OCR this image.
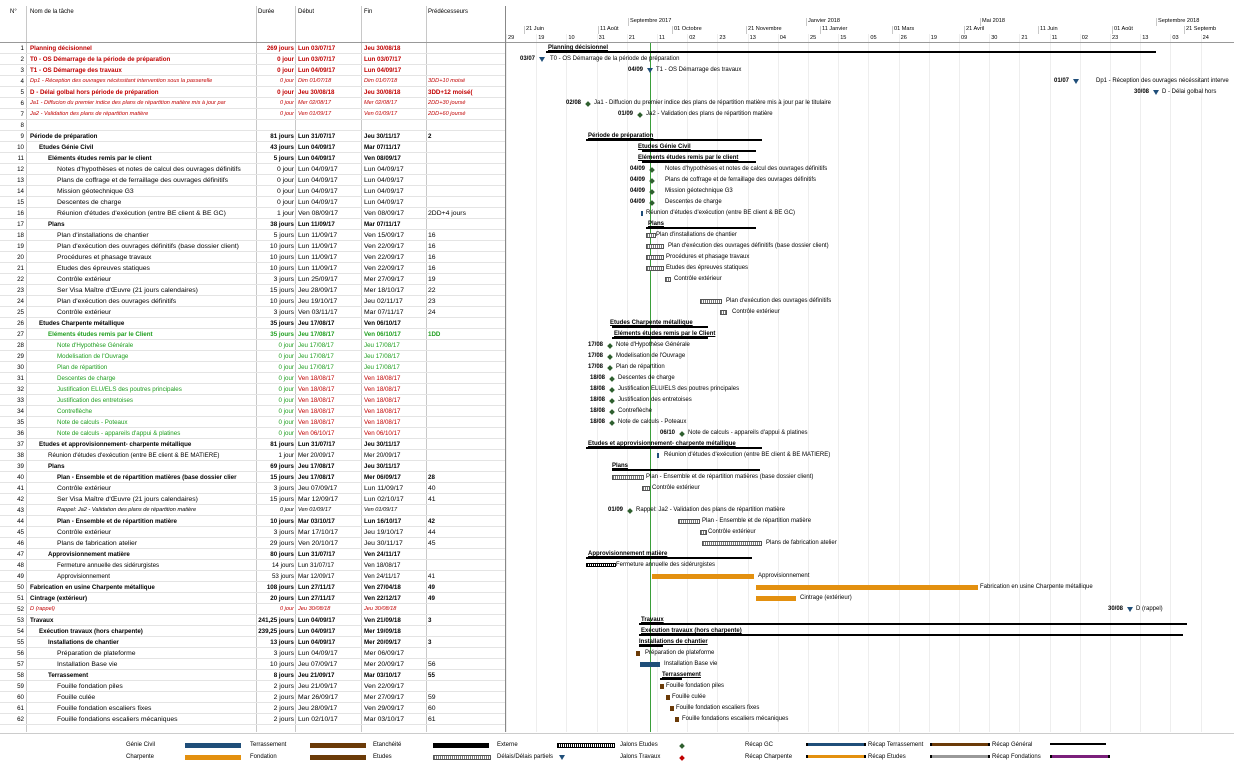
N° Nom de la tâche	Durée	Début	Fin	Prédécesseurs
1 Planning décisionnel	269 jours Lun 03/07/17	Jeu 30/08/18
2 T0 - OS Démarrage de la période de préparation	0 jour Lun 03/07/17	Lun 03/07/17
3 T1 - OS Démarrage des travaux	0 jour Lun 04/09/17	Lun 04/09/17
4 Dp1 - Réception des ouvrages nécéssitant intervention sous la passerelle	0 jour Dim 01/07/18	Dim 01/07/18	3DD+10 moisé
5 D - Délai golbal hors période de préparation	0 jour Jeu 30/08/18	Jeu 30/08/18	3DD+12 moisé(
6 Ja1 - Diffucion du premier indice des plans de répartition matière mis à jour par	0 jour Mer 02/08/17	Mer 02/08/17	2DD+30 joursé
7 Ja2 - Validation des plans de répartition matière	0 jour Ven 01/09/17	Ven 01/09/17	2DD+60 joursé
8
9 Période de préparation	81 jours Lun 31/07/17	Jeu 30/11/17	2
10 Etudes Génie Civil	43 jours Lun 04/09/17	Mar 07/11/17
11	Eléments études remis par le client	5 jours Lun 04/09/17	Ven 08/09/17
12	Notes d'hypothèses et notes de calcul des ouvrages définitifs	0 jour Lun 04/09/17	Lun 04/09/17
13	Plans de coffrage et de ferraillage des ouvrages définitifs	0 jour Lun 04/09/17	Lun 04/09/17
14	Mission géotechnique G3	0 jour Lun 04/09/17	Lun 04/09/17
15	Descentes de charge	0 jour Lun 04/09/17	Lun 04/09/17
16	Réunion d'études d'exécution (entre BE client & BE GC)	1 jour Ven 08/09/17	Ven 08/09/17	2DD+4 jours
17	Plans	38 jours Lun 11/09/17	Mar 07/11/17
18	Plan d'installations de chantier	5 jours Lun 11/09/17	Ven 15/09/17	16
19	Plan d'exécution des ouvrages définitifs (base dossier client)	10 jours Lun 11/09/17	Ven 22/09/17	16
20	Procédures et phasage travaux	10 jours Lun 11/09/17	Ven 22/09/17	16
21	Etudes des épreuves statiques	10 jours Lun 11/09/17	Ven 22/09/17	16
22	Contrôle extérieur	3 jours Lun 25/09/17	Mer 27/09/17	19
23	Ser Visa Maître d'Œuvre (21 jours calendaires)	15 jours Jeu 28/09/17	Mer 18/10/17	22
24	Plan d'exécution des ouvrages définitifs	10 jours Jeu 19/10/17	Jeu 02/11/17	23
25	Contrôle extérieur	3 jours Ven 03/11/17	Mar 07/11/17	24
26 Etudes Charpente métallique	35 jours Jeu 17/08/17	Ven 06/10/17
27	Eléments études remis par le Client	35 jours Jeu 17/08/17	Ven 06/10/17	1DD
28	Note d'Hypothèse Générale	0 jour Jeu 17/08/17	Jeu 17/08/17
29	Modelisation de l'Ouvrage	0 jour Jeu 17/08/17	Jeu 17/08/17
30	Plan de répartition	0 jour Jeu 17/08/17	Jeu 17/08/17
31	Descentes de charge	0 jour Ven 18/08/17	Ven 18/08/17
32	Justification ELU/ELS des poutres principales	0 jour Ven 18/08/17	Ven 18/08/17
33	Justification des entretoises	0 jour Ven 18/08/17	Ven 18/08/17
34	Contreflèche	0 jour Ven 18/08/17	Ven 18/08/17
35	Note de calculs - Poteaux	0 jour Ven 18/08/17	Ven 18/08/17
36	Note de calculs - appareils d'appui & platines	0 jour Ven 06/10/17	Ven 06/10/17
37 Etudes et approvisionnement- charpente métallique	81 jours Lun 31/07/17	Jeu 30/11/17
38	Réunion d'études d'exécution (entre BE client & BE MATIERE)	1 jour Mer 20/09/17	Mer 20/09/17
39	Plans	69 jours Jeu 17/08/17	Jeu 30/11/17
40	Plan - Ensemble et de répartition matières (base dossier clier	15 jours Jeu 17/08/17	Mer 06/09/17	28
41	Contrôle extérieur	3 jours Jeu 07/09/17	Lun 11/09/17	40
42	Ser Visa Maître d'Œuvre (21 jours calendaires)	15 jours Mar 12/09/17	Lun 02/10/17	41
43	Rappel: Ja2 - Validation des plans de répartition matière	0 jour Ven 01/09/17	Ven 01/09/17
44	Plan - Ensemble et de répartition matière	10 jours Mar 03/10/17	Lun 16/10/17	42
45	Contrôle extérieur	3 jours Mar 17/10/17	Jeu 19/10/17	44
46	Plans de fabrication atelier	29 jours Ven 20/10/17	Jeu 30/11/17	45
47	Approvisionnement matière	80 jours Lun 31/07/17	Ven 24/11/17
48	Fermeture annuelle des sidérurgistes	14 jours Lun 31/07/17	Ven 18/08/17
49	Approvisionnement	53 jours Mar 12/09/17	Ven 24/11/17	41
50 Fabrication en usine Charpente métallique	108 jours Lun 27/11/17	Ven 27/04/18	49
51 Cintrage (extérieur)	20 jours Lun 27/11/17	Ven 22/12/17	49
52 D (rappel)	0 jour Jeu 30/08/18	Jeu 30/08/18
53 Travaux	241,25 jours Lun 04/09/17	Ven 21/09/18	3
54 Exécution travaux (hors charpente)	239,25 jours Lun 04/09/17	Mer 19/09/18
55	Installations de chantier	13 jours Lun 04/09/17	Mer 20/09/17	3
56	Préparation de plateforme	3 jours Lun 04/09/17	Mer 06/09/17
57	Installation Base vie	10 jours Jeu 07/09/17	Mer 20/09/17	56
58	Terrassement	8 jours Jeu 21/09/17	Mar 03/10/17	55
59	Fouille fondation piles	2 jours Jeu 21/09/17	Ven 22/09/17
60	Fouille culée	2 jours Mar 26/09/17	Mer 27/09/17	59
61	Fouille fondation escaliers fixes	2 jours Jeu 28/09/17	Ven 29/09/17	60
62	Fouille fondations escaliers mécaniques	2 jours Lun 02/10/17	Mar 03/10/17	61
Septembre 2017	Janvier 2018	Mai 2018	Septembre 2018
21 Juin	11 Août	01 Octobre	21 Novembre	11 Janvier	01 Mars	21 Avril	11 Juin	01 Août	21 Septemb
29	19	10	31	21	11	02	23	13	04	25	15	05	26	19	09	30	21	11	02	23	13	03	24
Planning décisionnel
03/07 T0 - OS Démarrage de la période de préparation
04/09 T1 - OS Démarrage des travaux
01/07	Dp1 - Réception des ouvrages nécéssitant interve
30/08 D - Délai golbal hors
02/08 Ja1 - Diffucion du premier indice des plans de répartition matière mis à jour par le titulaire
01/09 Ja2 - Validation des plans de répartition matière
Période de préparation
Etudes Génie Civil
Eléments études remis par le client
04/09	Notes d'hypothèses et notes de calcul des ouvrages définitifs
04/09	Plans de coffrage et de ferraillage des ouvrages définitifs
04/09	Mission géotechnique G3
04/09	Descentes de charge
Réunion d'études d'exécution (entre BE client & BE GC)
Plans
Plan d'installations de chantier
Plan d'exécution des ouvrages définitifs (base dossier client)
Procédures et phasage travaux
Etudes des épreuves statiques
Contrôle extérieur
Plan d'exécution des ouvrages définitifs
Contrôle extérieur
Etudes Charpente métallique
Eléments études remis par le Client
17/08 Note d'Hypothèse Générale
17/08 Modelisation de l'Ouvrage
17/08 Plan de répartition
18/08 Descentes de charge
18/08 Justification ELU/ELS des poutres principales
18/08 Justification des entretoises
18/08 Contreflèche
18/08 Note de calculs - Poteaux
06/10 Note de calculs - appareils d'appui & platines
Etudes et approvisionnement- charpente métallique
Réunion d'études d'exécution (entre BE client & BE MATIERE)
Plans
Plan - Ensemble et de répartition matières (base dossier client)
Contrôle extérieur
01/09 Rappel: Ja2 - Validation des plans de répartition matière
Plan - Ensemble et de répartition matière
Contrôle extérieur
Plans de fabrication atelier
Approvisionnement matière
Fermeture annuelle des sidérurgistes
Approvisionnement
Fabrication en usine Charpente métallique
Cintrage (extérieur)
30/08 D (rappel)
Travaux
Exécution travaux (hors charpente)
Installations de chantier
Préparation de plateforme
Installation Base vie
Terrassement
Fouille fondation piles
Fouille culée
Fouille fondation escaliers fixes
Fouille fondations escaliers mécaniques
Génie Civil	Terrassement	Etanchéité	Externe	Jalons Etudes	Récap GC	Récap Terrassement	Récap Général
Charpente	Fondation	Etudes	Délais/Délais partiels	Jalons Travaux	Récap Charpente	Récap Etudes	Récap Fondations
